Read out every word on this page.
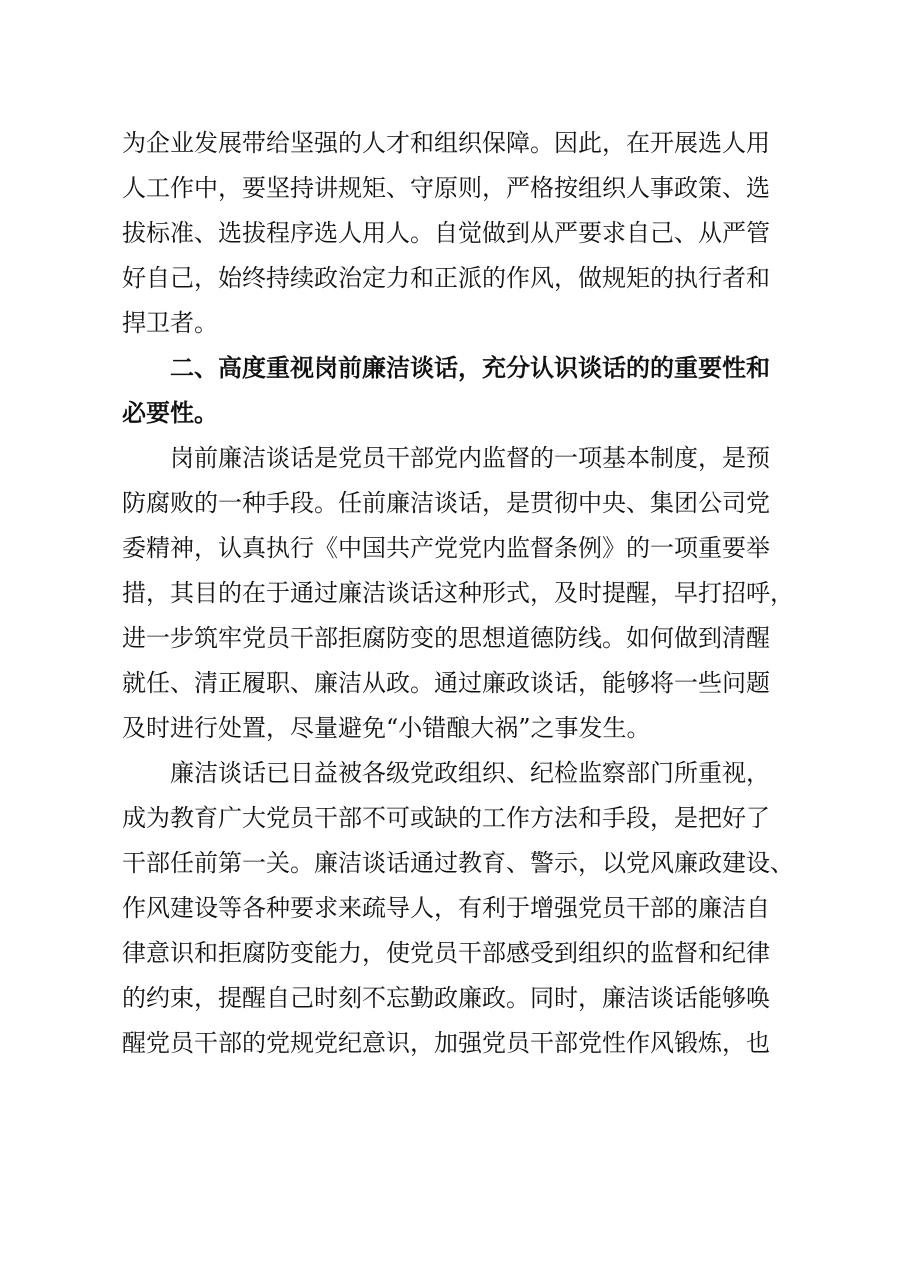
为企业发展带给坚强的人才和组织保障。因此，在开展选人用
人工作中，要坚持讲规矩、守原则，严格按组织人事政策、选
拔标准、选拔程序选人用人。自觉做到从严要求自己、从严管
好自己，始终持续政治定力和正派的作风，做规矩的执行者和
捍卫者。
　　二、高度重视岗前廉洁谈话，充分认识谈话的的重要性和
必要性。
　　岗前廉洁谈话是党员干部党内监督的一项基本制度，是预
防腐败的一种手段。任前廉洁谈话，是贯彻中央、集团公司党
委精神，认真执行《中国共产党党内监督条例》的一项重要举
措，其目的在于通过廉洁谈话这种形式，及时提醒，早打招呼，
进一步筑牢党员干部拒腐防变的思想道德防线。如何做到清醒
就任、清正履职、廉洁从政。通过廉政谈话，能够将一些问题
及时进行处置，尽量避免“小错酿大祸”之事发生。
　　廉洁谈话已日益被各级党政组织、纪检监察部门所重视，
成为教育广大党员干部不可或缺的工作方法和手段，是把好了
干部任前第一关。廉洁谈话通过教育、警示，以党风廉政建设、
作风建设等各种要求来疏导人，有利于增强党员干部的廉洁自
律意识和拒腐防变能力，使党员干部感受到组织的监督和纪律
的约束，提醒自己时刻不忘勤政廉政。同时，廉洁谈话能够唤
醒党员干部的党规党纪意识，加强党员干部党性作风锻炼，也
